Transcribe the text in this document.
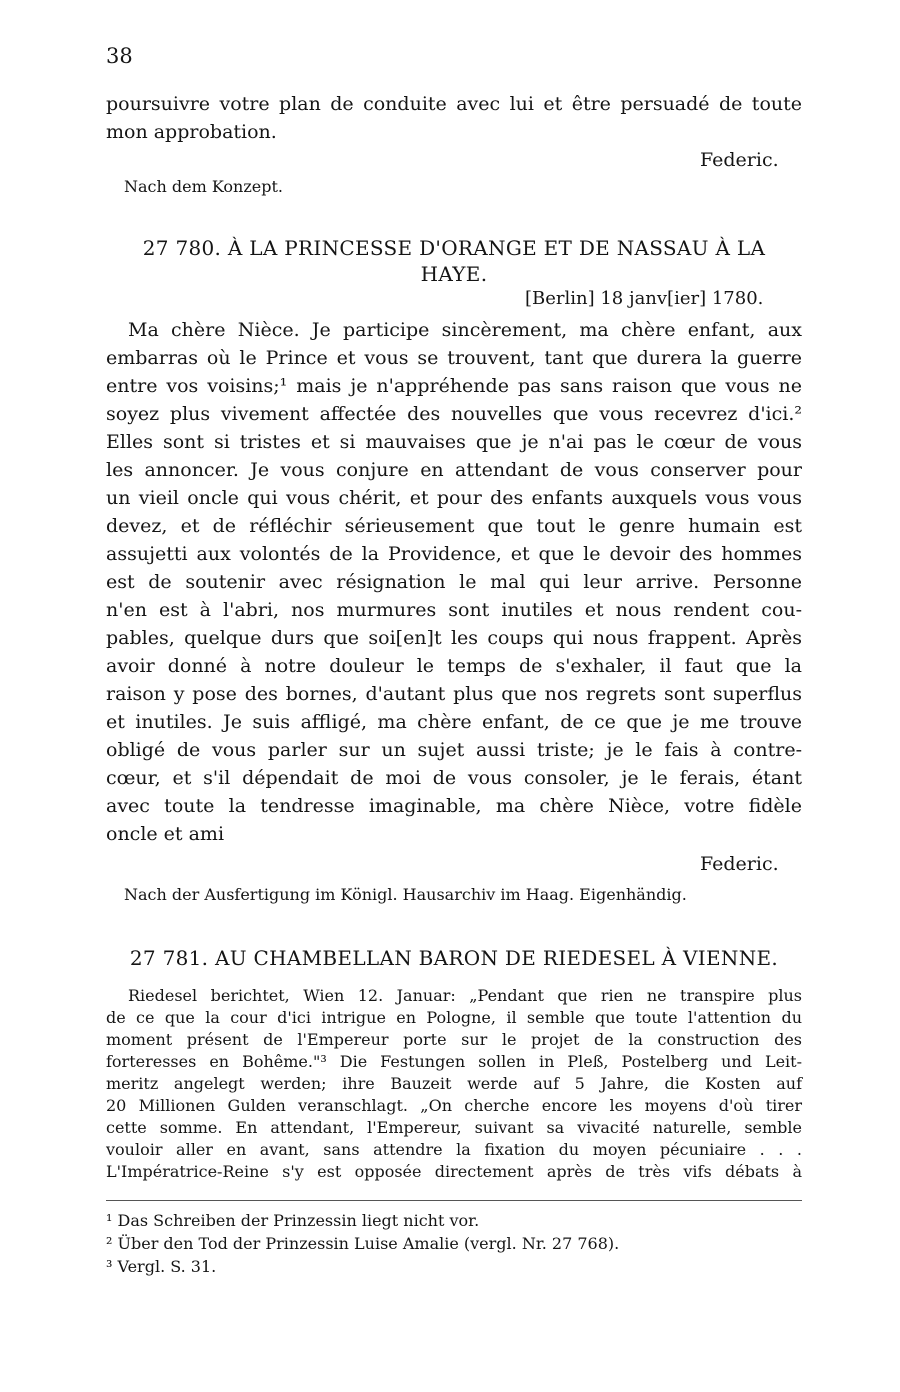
38
poursuivre votre plan de conduite avec lui et être persuadé de toute
mon approbation.
Federic.
Nach dem Konzept.
27 780. À LA PRINCESSE D'ORANGE ET DE NASSAU À LA
HAYE.
[Berlin] 18 janv[ier] 1780.
Ma chère Nièce. Je participe sincèrement, ma chère enfant, aux
embarras où le Prince et vous se trouvent, tant que durera la guerre
entre vos voisins;¹ mais je n'appréhende pas sans raison que vous ne
soyez plus vivement affectée des nouvelles que vous recevrez d'ici.²
Elles sont si tristes et si mauvaises que je n'ai pas le cœur de vous
les annoncer. Je vous conjure en attendant de vous conserver pour
un vieil oncle qui vous chérit, et pour des enfants auxquels vous vous
devez, et de réfléchir sérieusement que tout le genre humain est
assujetti aux volontés de la Providence, et que le devoir des hommes
est de soutenir avec résignation le mal qui leur arrive. Personne
n'en est à l'abri, nos murmures sont inutiles et nous rendent cou-
pables, quelque durs que soi[en]t les coups qui nous frappent. Après
avoir donné à notre douleur le temps de s'exhaler, il faut que la
raison y pose des bornes, d'autant plus que nos regrets sont superflus
et inutiles. Je suis affligé, ma chère enfant, de ce que je me trouve
obligé de vous parler sur un sujet aussi triste; je le fais à contre-
cœur, et s'il dépendait de moi de vous consoler, je le ferais, étant
avec toute la tendresse imaginable, ma chère Nièce, votre fidèle
oncle et ami
Federic.
Nach der Ausfertigung im Königl. Hausarchiv im Haag. Eigenhändig.
27 781. AU CHAMBELLAN BARON DE RIEDESEL À VIENNE.
Riedesel berichtet, Wien 12. Januar: „Pendant que rien ne transpire plus
de ce que la cour d'ici intrigue en Pologne, il semble que toute l'attention du
moment présent de l'Empereur porte sur le projet de la construction des
forteresses en Bohême."³ Die Festungen sollen in Pleß, Postelberg und Leit-
meritz angelegt werden; ihre Bauzeit werde auf 5 Jahre, die Kosten auf
20 Millionen Gulden veranschlagt. „On cherche encore les moyens d'où tirer
cette somme. En attendant, l'Empereur, suivant sa vivacité naturelle, semble
vouloir aller en avant, sans attendre la fixation du moyen pécuniaire . . .
L'Impératrice-Reine s'y est opposée directement après de très vifs débats à
¹ Das Schreiben der Prinzessin liegt nicht vor.
² Über den Tod der Prinzessin Luise Amalie (vergl. Nr. 27 768).
³ Vergl. S. 31.
